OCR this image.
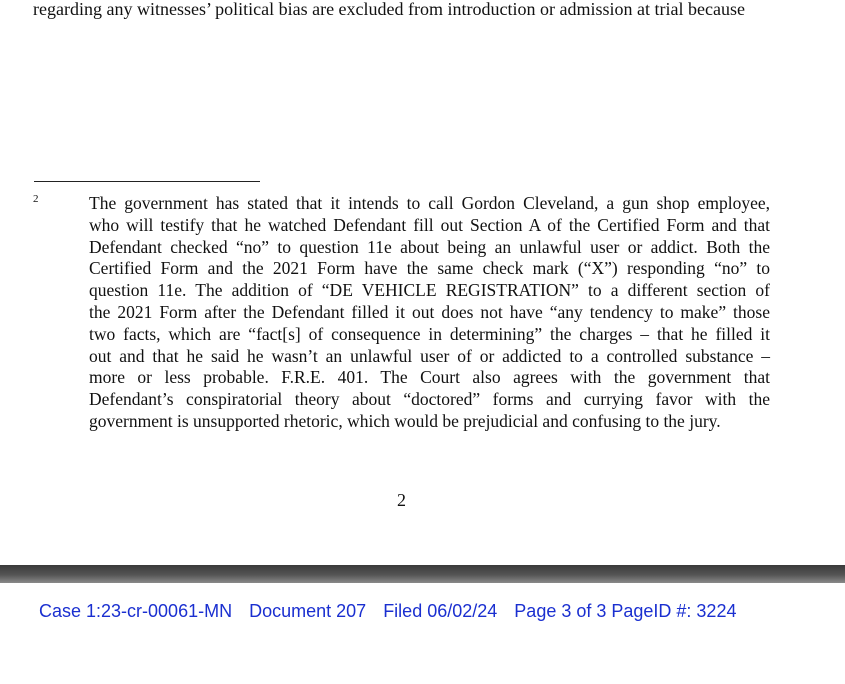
regarding any witnesses’ political bias are excluded from introduction or admission at trial because
2	The government has stated that it intends to call Gordon Cleveland, a gun shop employee,
who will testify that he watched Defendant fill out Section A of the Certified Form and that
Defendant checked “no” to question 11e about being an unlawful user or addict. Both the
Certified Form and the 2021 Form have the same check mark (“X”) responding “no” to
question 11e. The addition of “DE VEHICLE REGISTRATION” to a different section of
the 2021 Form after the Defendant filled it out does not have “any tendency to make” those
two facts, which are “fact[s] of consequence in determining” the charges – that he filled it
out and that he said he wasn’t an unlawful user of or addicted to a controlled substance –
more or less probable. F.R.E. 401. The Court also agrees with the government that
Defendant’s conspiratorial theory about “doctored” forms and currying favor with the
government is unsupported rhetoric, which would be prejudicial and confusing to the jury.
2
Case 1:23-cr-00061-MN Document 207 Filed 06/02/24 Page 3 of 3 PageID #: 3224
